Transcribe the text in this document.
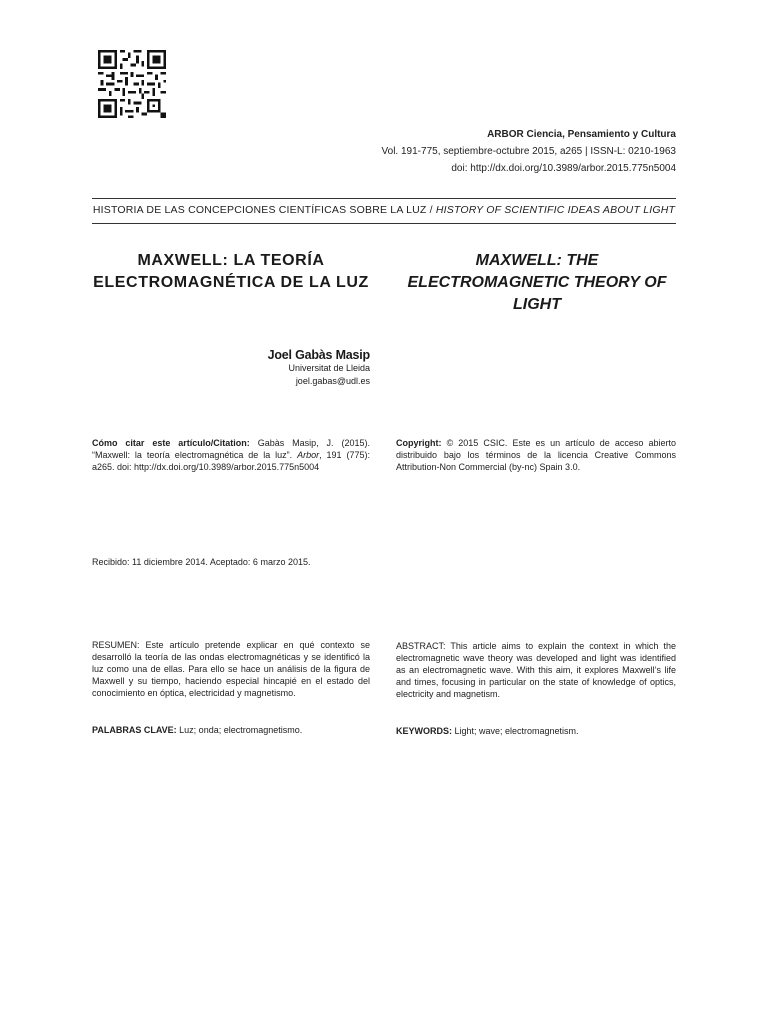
ARBOR Ciencia, Pensamiento y Cultura
Vol. 191-775, septiembre-octubre 2015, a265 | ISSN-L: 0210-1963
doi: http://dx.doi.org/10.3989/arbor.2015.775n5004
HISTORIA DE LAS CONCEPCIONES CIENTÍFICAS SOBRE LA LUZ / HISTORY OF SCIENTIFIC IDEAS ABOUT LIGHT
MAXWELL: LA TEORÍA ELECTROMAGNÉTICA DE LA LUZ
MAXWELL: THE ELECTROMAGNETIC THEORY OF LIGHT
Joel Gabàs Masip
Universitat de Lleida
joel.gabas@udl.es
Cómo citar este artículo/Citation: Gabàs Masip, J. (2015). “Maxwell: la teoría electromagnética de la luz”. Arbor, 191 (775): a265. doi: http://dx.doi.org/10.3989/arbor.2015.775n5004
Copyright: © 2015 CSIC. Este es un artículo de acceso abierto distribuido bajo los términos de la licencia Creative Commons Attribution-Non Commercial (by-nc) Spain 3.0.
Recibido: 11 diciembre 2014. Aceptado: 6 marzo 2015.
RESUMEN: Este artículo pretende explicar en qué contexto se desarrolló la teoría de las ondas electromagnéticas y se identificó la luz como una de ellas. Para ello se hace un análisis de la figura de Maxwell y su tiempo, haciendo especial hincapié en el estado del conocimiento en óptica, electricidad y magnetismo.
ABSTRACT: This article aims to explain the context in which the electromagnetic wave theory was developed and light was identified as an electromagnetic wave. With this aim, it explores Maxwell’s life and times, focusing in particular on the state of knowledge of optics, electricity and magnetism.
PALABRAS CLAVE: Luz; onda; electromagnetismo.	KEYWORDS: Light; wave; electromagnetism.
